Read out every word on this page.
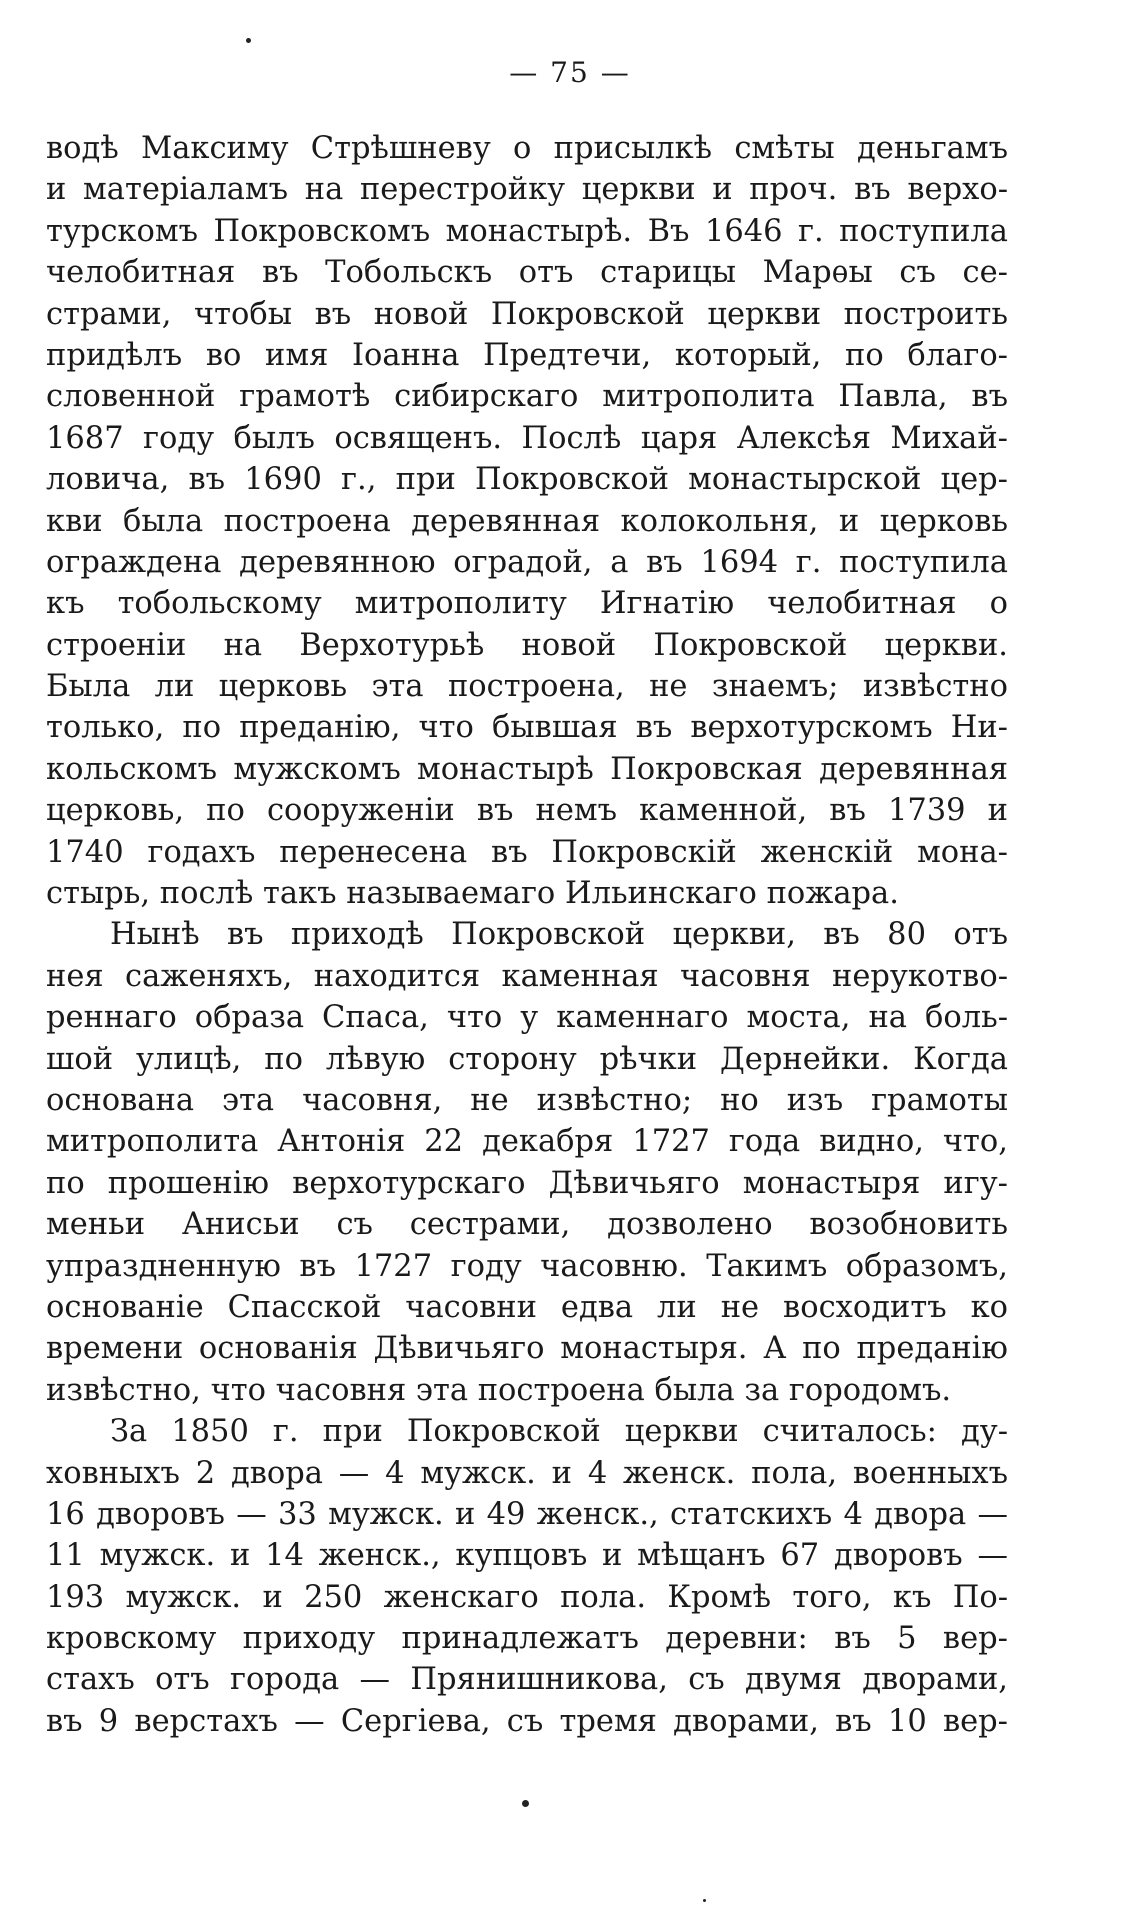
— 75 —
водѣ Максиму Стрѣшневу о присылкѣ смѣты деньгамъ
и матеріаламъ на перестройку церкви и проч. въ верхо-
турскомъ Покровскомъ монастырѣ. Въ 1646 г. поступила
челобитная въ Тобольскъ отъ старицы Марѳы съ се-
страми, чтобы въ новой Покровской церкви построить
придѣлъ во имя Іоанна Предтечи, который, по благо-
словенной грамотѣ сибирскаго митрополита Павла, въ
1687 году былъ освященъ. Послѣ царя Алексѣя Михай-
ловича, въ 1690 г., при Покровской монастырской цер-
кви была построена деревянная колокольня, и церковь
ограждена деревянною оградой, а въ 1694 г. поступила
къ тобольскому митрополиту Игнатію челобитная о
строеніи на Верхотурьѣ новой Покровской церкви.
Была ли церковь эта построена, не знаемъ; извѣстно
только, по преданію, что бывшая въ верхотурскомъ Ни-
кольскомъ мужскомъ монастырѣ Покровская деревянная
церковь, по сооруженіи въ немъ каменной, въ 1739 и
1740 годахъ перенесена въ Покровскій женскій мона-
стырь, послѣ такъ называемаго Ильинскаго пожара.
Нынѣ въ приходѣ Покровской церкви, въ 80 отъ
нея саженяхъ, находится каменная часовня нерукотво-
реннаго образа Спаса, что у каменнаго моста, на боль-
шой улицѣ, по лѣвую сторону рѣчки Дернейки. Когда
основана эта часовня, не извѣстно; но изъ грамоты
митрополита Антонія 22 декабря 1727 года видно, что,
по прошенію верхотурскаго Дѣвичьяго монастыря игу-
меньи Анисьи съ сестрами, дозволено возобновить
упраздненную въ 1727 году часовню. Такимъ образомъ,
основаніе Спасской часовни едва ли не восходитъ ко
времени основанія Дѣвичьяго монастыря. А по преданію
извѣстно, что часовня эта построена была за городомъ.
За 1850 г. при Покровской церкви считалось: ду-
ховныхъ 2 двора — 4 мужск. и 4 женск. пола, военныхъ
16 дворовъ — 33 мужск. и 49 женск., статскихъ 4 двора —
11 мужск. и 14 женск., купцовъ и мѣщанъ 67 дворовъ —
193 мужск. и 250 женскаго пола. Кромѣ того, къ По-
кровскому приходу принадлежатъ деревни: въ 5 вер-
стахъ отъ города — Прянишникова, съ двумя дворами,
въ 9 верстахъ — Сергіева, съ тремя дворами, въ 10 вер-
